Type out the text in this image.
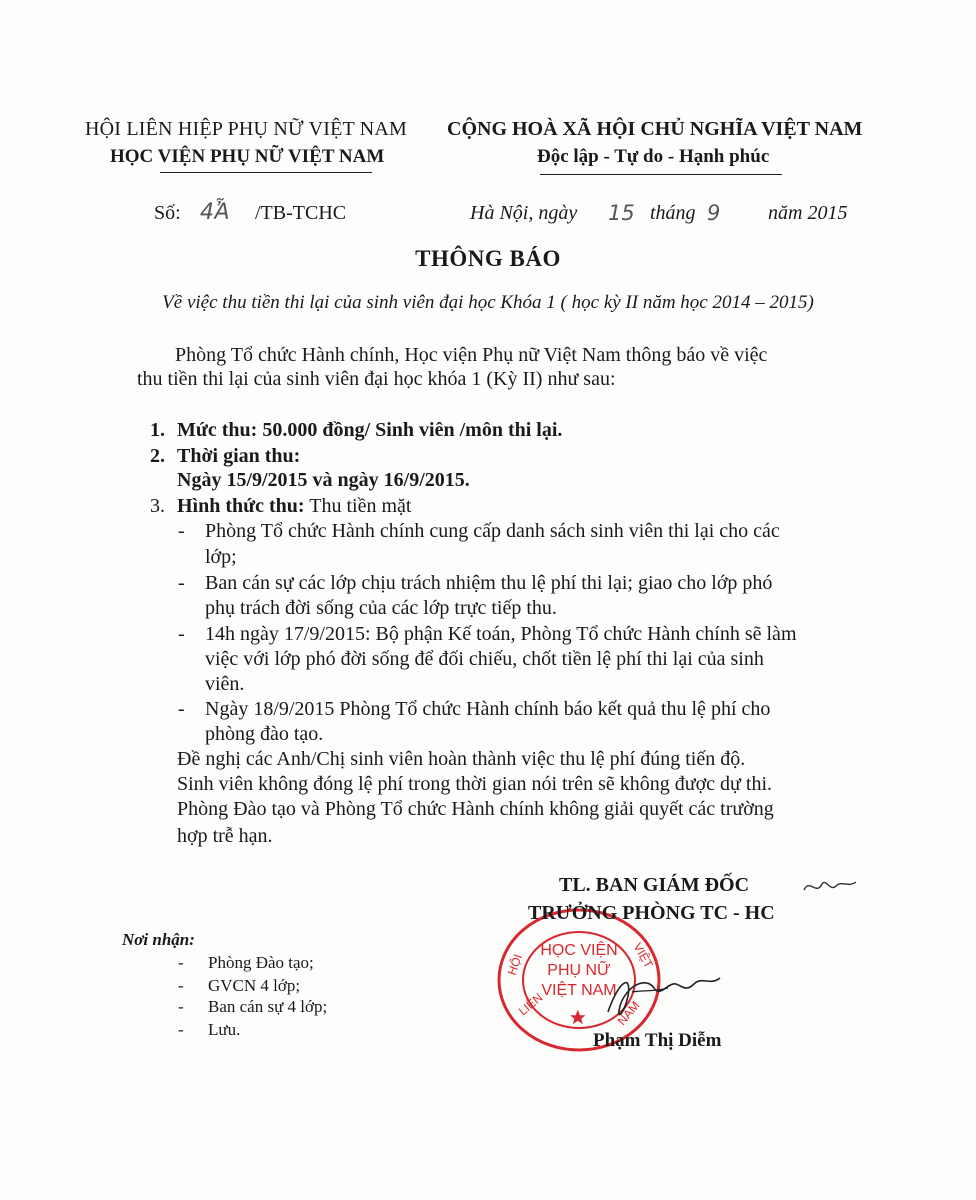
HỘI LIÊN HIỆP PHỤ NỮ VIỆT NAM
HỌC VIỆN PHỤ NỮ VIỆT NAM
CỘNG HOÀ XÃ HỘI CHỦ NGHĨA VIỆT NAM
Độc lập - Tự do - Hạnh phúc
Số: 4Ἆ /TB-TCHC	Hà Nội, ngày 15 tháng 9 năm 2015
THÔNG BÁO
Về việc thu tiền thi lại của sinh viên đại học Khóa 1 ( học kỳ II năm học 2014 – 2015)
Phòng Tổ chức Hành chính, Học viện Phụ nữ Việt Nam thông báo về việc
thu tiền thi lại của sinh viên đại học khóa 1 (Kỳ II) như sau:
1. Mức thu: 50.000 đồng/ Sinh viên /môn thi lại.
2. Thời gian thu:
Ngày 15/9/2015 và ngày 16/9/2015.
3. Hình thức thu: Thu tiền mặt
- Phòng Tổ chức Hành chính cung cấp danh sách sinh viên thi lại cho các
lớp;
- Ban cán sự các lớp chịu trách nhiệm thu lệ phí thi lại; giao cho lớp phó
phụ trách đời sống của các lớp trực tiếp thu.
- 14h ngày 17/9/2015: Bộ phận Kế toán, Phòng Tổ chức Hành chính sẽ làm
việc với lớp phó đời sống để đối chiếu, chốt tiền lệ phí thi lại của sinh
viên.
- Ngày 18/9/2015 Phòng Tổ chức Hành chính báo kết quả thu lệ phí cho
phòng đào tạo.
Đề nghị các Anh/Chị sinh viên hoàn thành việc thu lệ phí đúng tiến độ.
Sinh viên không đóng lệ phí trong thời gian nói trên sẽ không được dự thi.
Phòng Đào tạo và Phòng Tổ chức Hành chính không giải quyết các trường
hợp trễ hạn.
Nơi nhận:
- Phòng Đào tạo;
- GVCN 4 lớp;
- Ban cán sự 4 lớp;
- Lưu.
HỘI
LIÊN
VIỆT
NAM
HỌC VIỆN
PHỤ NỮ
VIỆT NAM
TL. BAN GIÁM ĐỐC
TRƯỞNG PHÒNG TC - HC
Phạm Thị Diễm
